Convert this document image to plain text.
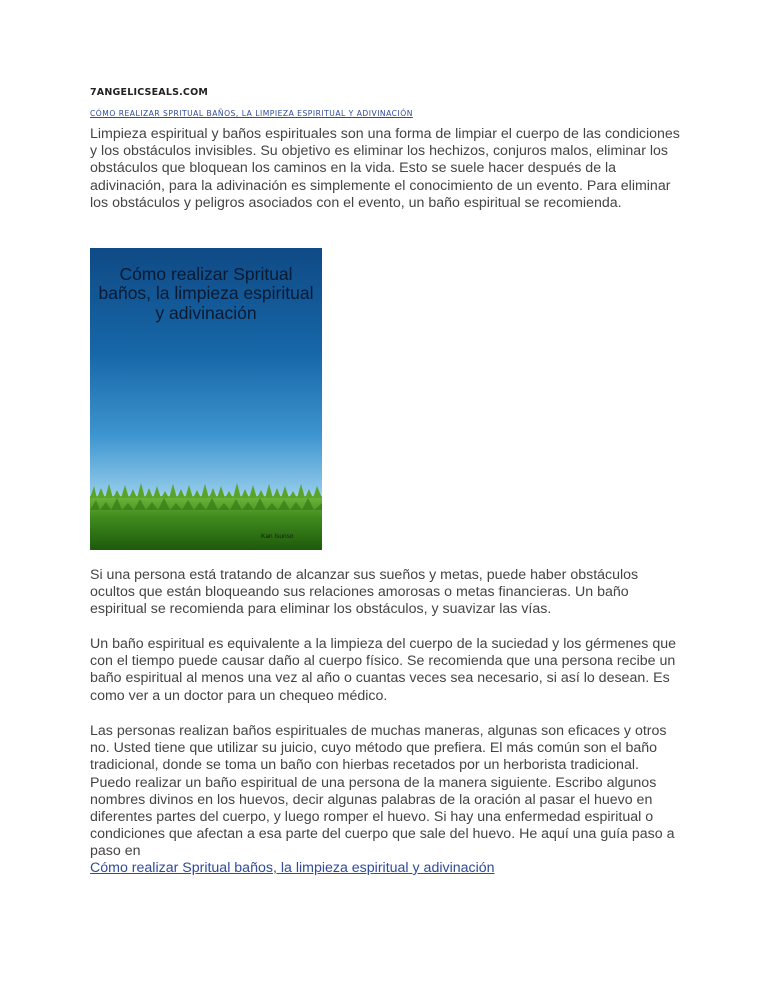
7ANGELICSEALS.COM
CÓMO REALIZAR SPRITUAL BAÑOS, LA LIMPIEZA ESPIRITUAL Y ADIVINACIÓN

Limpieza espiritual y baños espirituales son una forma de limpiar el cuerpo de las condiciones y los obstáculos invisibles. Su objetivo es eliminar los hechizos, conjuros malos, eliminar los obstáculos que bloquean los caminos en la vida. Esto se suele hacer después de la adivinación, para la adivinación es simplemente el conocimiento de un evento. Para eliminar los obstáculos y peligros asociados con el evento, un baño espiritual se recomienda.

Cómo realizar Spritual baños, la limpieza espiritual y adivinación

Kan Isunso

Si una persona está tratando de alcanzar sus sueños y metas, puede haber obstáculos ocultos que están bloqueando sus relaciones amorosas o metas financieras. Un baño espiritual se recomienda para eliminar los obstáculos, y suavizar las vías.

Un baño espiritual es equivalente a la limpieza del cuerpo de la suciedad y los gérmenes que con el tiempo puede causar daño al cuerpo físico. Se recomienda que una persona recibe un baño espiritual al menos una vez al año o cuantas veces sea necesario, si así lo desean. Es como ver a un doctor para un chequeo médico.

Las personas realizan baños espirituales de muchas maneras, algunas son eficaces y otros no. Usted tiene que utilizar su juicio, cuyo método que prefiera. El más común son el baño tradicional, donde se toma un baño con hierbas recetados por un herborista tradicional. Puedo realizar un baño espiritual de una persona de la manera siguiente. Escribo algunos nombres divinos en los huevos, decir algunas palabras de la oración al pasar el huevo en diferentes partes del cuerpo, y luego romper el huevo. Si hay una enfermedad espiritual o condiciones que afectan a esa parte del cuerpo que sale del huevo. He aquí una guía paso a paso en

Cómo realizar Spritual baños, la limpieza espiritual y adivinación
